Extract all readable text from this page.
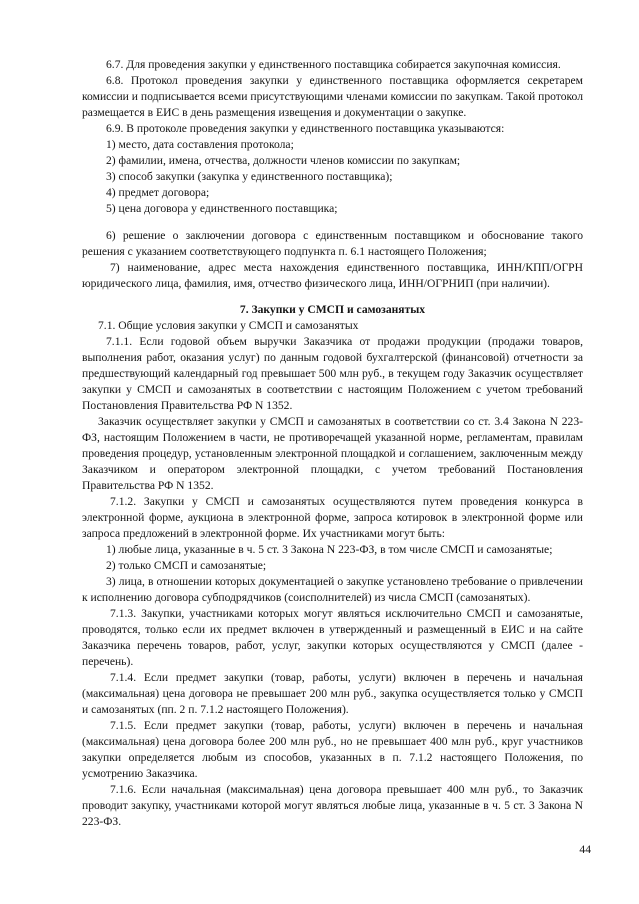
6.7. Для проведения закупки у единственного поставщика собирается закупочная комиссия.

6.8. Протокол проведения закупки у единственного поставщика оформляется секретарем комиссии и подписывается всеми присутствующими членами комиссии по закупкам. Такой протокол размещается в ЕИС в день размещения извещения и документации о закупке.

6.9. В протоколе проведения закупки у единственного поставщика указываются:

1) место, дата составления протокола;

2) фамилии, имена, отчества, должности членов комиссии по закупкам;

3) способ закупки (закупка у единственного поставщика);

4) предмет договора;

5) цена договора у единственного поставщика;

6) решение о заключении договора с единственным поставщиком и обоснование такого решения с указанием соответствующего подпункта п. 6.1 настоящего Положения;

7) наименование, адрес места нахождения единственного поставщика, ИНН/КПП/ОГРН юридического лица, фамилия, имя, отчество физического лица, ИНН/ОГРНИП (при наличии).

7. Закупки у СМСП и самозанятых

7.1. Общие условия закупки у СМСП и самозанятых

7.1.1. Если годовой объем выручки Заказчика от продажи продукции (продажи товаров, выполнения работ, оказания услуг) по данным годовой бухгалтерской (финансовой) отчетности за предшествующий календарный год превышает 500 млн руб., в текущем году Заказчик осуществляет закупки у СМСП и самозанятых в соответствии с настоящим Положением с учетом требований Постановления Правительства РФ N 1352.

Заказчик осуществляет закупки у СМСП и самозанятых в соответствии со ст. 3.4 Закона N 223-ФЗ, настоящим Положением в части, не противоречащей указанной норме, регламентам, правилам проведения процедур, установленным электронной площадкой и соглашением, заключенным между Заказчиком и оператором электронной площадки, с учетом требований Постановления Правительства РФ N 1352.

7.1.2. Закупки у СМСП и самозанятых осуществляются путем проведения конкурса в электронной форме, аукциона в электронной форме, запроса котировок в электронной форме или запроса предложений в электронной форме. Их участниками могут быть:

1) любые лица, указанные в ч. 5 ст. 3 Закона N 223-ФЗ, в том числе СМСП и самозанятые;

2) только СМСП и самозанятые;

3) лица, в отношении которых документацией о закупке установлено требование о привлечении к исполнению договора субподрядчиков (соисполнителей) из числа СМСП (самозанятых).

7.1.3. Закупки, участниками которых могут являться исключительно СМСП и самозанятые, проводятся, только если их предмет включен в утвержденный и размещенный в ЕИС и на сайте Заказчика перечень товаров, работ, услуг, закупки которых осуществляются у СМСП (далее - перечень).

7.1.4. Если предмет закупки (товар, работы, услуги) включен в перечень и начальная (максимальная) цена договора не превышает 200 млн руб., закупка осуществляется только у СМСП и самозанятых (пп. 2 п. 7.1.2 настоящего Положения).

7.1.5. Если предмет закупки (товар, работы, услуги) включен в перечень и начальная (максимальная) цена договора более 200 млн руб., но не превышает 400 млн руб., круг участников закупки определяется любым из способов, указанных в п. 7.1.2 настоящего Положения, по усмотрению Заказчика.

7.1.6. Если начальная (максимальная) цена договора превышает 400 млн руб., то Заказчик проводит закупку, участниками которой могут являться любые лица, указанные в ч. 5 ст. 3 Закона N 223-ФЗ.

44
